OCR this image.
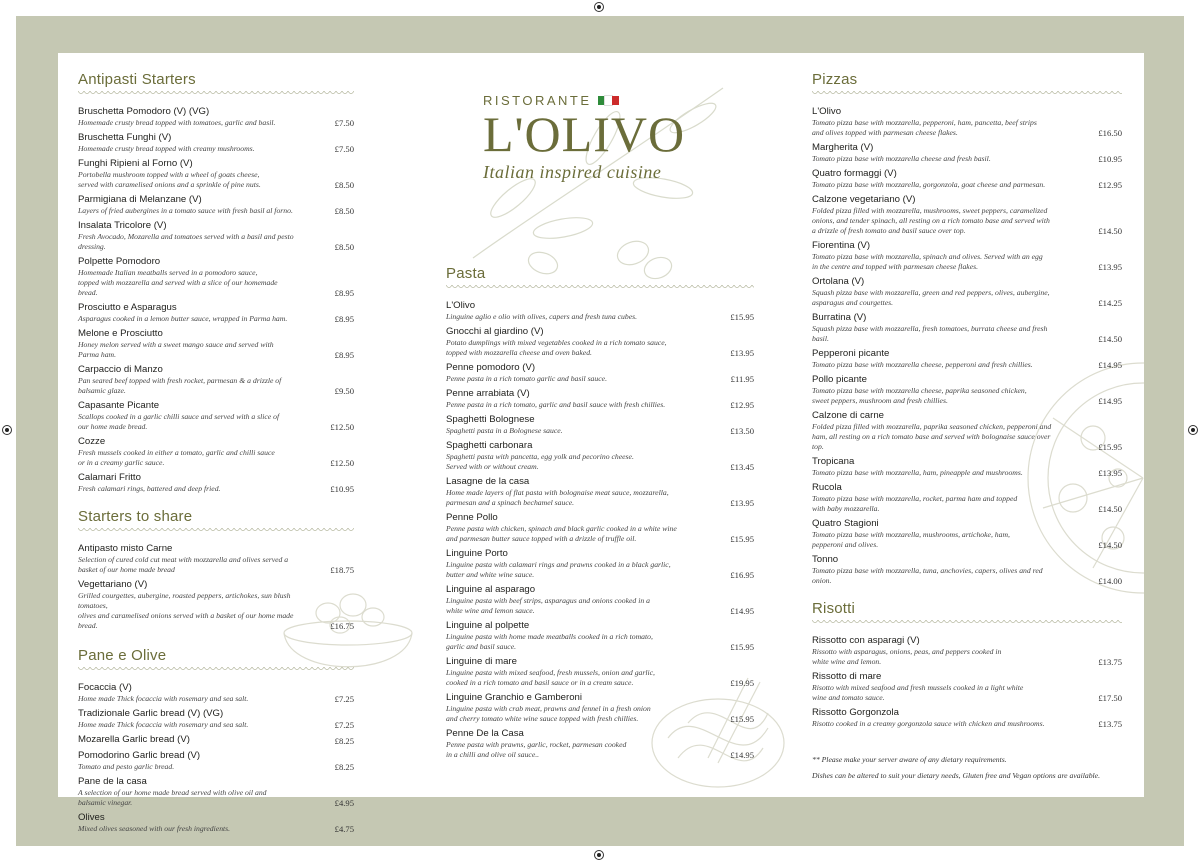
Antipasti Starters
Bruschetta Pomodoro (V) (VG)
Homemade crusty bread topped with tomatoes, garlic and basil.	£7.50
Bruschetta Funghi (V)
Homemade crusty bread topped with creamy mushrooms.	£7.50
Funghi Ripieni al Forno (V)
Portobella mushroom topped with a wheel of goats cheese,
served with caramelised onions and a sprinkle of pine nuts.	£8.50
Parmigiana di Melanzane (V)
Layers of fried aubergines in a tomato sauce with fresh basil al forno.	£8.50
Insalata Tricolore (V)
Fresh Avocado, Mozarella and tomatoes served with a basil and pesto dressing.	£8.50
Polpette Pomodoro
Homemade Italian meatballs served in a pomodoro sauce,
topped with mozzarella and served with a slice of our homemade bread.	£8.95
Prosciutto e Asparagus
Asparagus cooked in a lemon butter sauce, wrapped in Parma ham.	£8.95
Melone e Prosciutto
Honey melon served with a sweet mango sauce and served with Parma ham.	£8.95
Carpaccio di Manzo
Pan seared beef topped with fresh rocket, parmesan & a drizzle of balsamic glaze.	£9.50
Capasante Picante
Scallops cooked in a garlic chilli sauce and served with a slice of
our home made bread.	£12.50
Cozze
Fresh mussels cooked in either a tomato, garlic and chilli sauce
or in a creamy garlic sauce.	£12.50
Calamari Fritto
Fresh calamari rings, battered and deep fried.	£10.95
Starters to share
Antipasto misto Carne
Selection of cured cold cut meat with mozzarella and olives served a
basket of our home made bread	£18.75
Vegettariano (V)
Grilled courgettes, aubergine, roasted peppers, artichokes, sun blush tomatoes,
olives and caramelised onions served with a basket of our home made bread.	£16.75
Pane e Olive
Focaccia (V)
Home made Thick focaccia with rosemary and sea salt.	£7.25
Tradizionale Garlic bread (V) (VG)
Home made Thick focaccia with rosemary and sea salt.	£7.25
Mozarella Garlic bread (V)	£8.25
Pomodorino Garlic bread (V)
Tomato and pesto garlic bread.	£8.25
Pane de la casa
A selection of our home made bread served with olive oil and balsamic vinegar.	£4.95
Olives
Mixed olives seasoned with our fresh ingredients.	£4.75
RISTORANTE
L'OLIVO
Italian inspired cuisine
Pasta
L'Olivo
Linguine aglio e olio with olives, capers and fresh tuna cubes.	£15.95
Gnocchi al giardino (V)
Potato dumplings with mixed vegetables cooked in a rich tomato sauce,
topped with mozzarella cheese and oven baked.	£13.95
Penne pomodoro (V)
Penne pasta in a rich tomato garlic and basil sauce.	£11.95
Penne arrabiata (V)
Penne pasta in a rich tomato, garlic and basil sauce with fresh chillies.	£12.95
Spaghetti Bolognese
Spaghetti pasta in a Bolognese sauce.	£13.50
Spaghetti carbonara
Spaghetti pasta with pancetta, egg yolk and pecorino cheese.
Served with or without cream.	£13.45
Lasagne de la casa
Home made layers of flat pasta with bolognaise meat sauce, mozzarella,
parmesan and a spinach bechamel sauce.	£13.95
Penne Pollo
Penne pasta with chicken, spinach and black garlic cooked in a white wine
and parmesan butter sauce topped with a drizzle of truffle oil.	£15.95
Linguine Porto
Linguine pasta with calamari rings and prawns cooked in a black garlic,
butter and white wine sauce.	£16.95
Linguine al asparago
Linguine pasta with beef strips, asparagus and onions cooked in a
white wine and lemon sauce.	£14.95
Linguine al polpette
Linguine pasta with home made meatballs cooked in a rich tomato,
garlic and basil sauce.	£15.95
Linguine di mare
Linguine pasta with mixed seafood, fresh mussels, onion and garlic,
cooked in a rich tomato and basil sauce or in a cream sauce.	£19.95
Linguine Granchio e Gamberoni
Linguine pasta with crab meat, prawns and fennel in a fresh onion
and cherry tomato white wine sauce topped with fresh chillies.	£15.95
Penne De la Casa
Penne pasta with prawns, garlic, rocket, parmesan cooked
in a chilli and olive oil sauce..	£14.95
Pizzas
L'Olivo
Tomato pizza base with mozzarella, pepperoni, ham, pancetta, beef strips
and olives topped with parmesan cheese flakes.	£16.50
Margherita (V)
Tomato pizza base with mozzarella cheese and fresh basil.	£10.95
Quatro formaggi (V)
Tomato pizza base with mozzarella, gorgonzola, goat cheese and parmesan.	£12.95
Calzone vegetariano (V)
Folded pizza filled with mozzarella, mushrooms, sweet peppers, caramelized
onions, and tender spinach, all resting on a rich tomato base and served with
a drizzle of fresh tomato and basil sauce over top.	£14.50
Fiorentina (V)
Tomato pizza base with mozzarella, spinach and olives. Served with an egg
in the centre and topped with parmesan cheese flakes.	£13.95
Ortolana (V)
Squash pizza base with mozzarella, green and red peppers, olives, aubergine,
asparagus and courgettes.	£14.25
Burratina (V)
Squash pizza base with mozzarella, fresh tomatoes, burrata cheese and fresh basil.	£14.50
Pepperoni picante
Tomato pizza base with mozzarella cheese, pepperoni and fresh chillies.	£14.95
Pollo picante
Tomato pizza base with mozzarella cheese, paprika seasoned chicken,
sweet peppers, mushroom and fresh chillies.	£14.95
Calzone di carne
Folded pizza filled with mozzarella, paprika seasoned chicken, pepperoni and
ham, all resting on a rich tomato base and served with bolognaise sauce over top.	£15.95
Tropicana
Tomato pizza base with mozzarella, ham, pineapple and mushrooms.	£13.95
Rucola
Tomato pizza base with mozzarella, rocket, parma ham and topped
with baby mozzarella.	£14.50
Quatro Stagioni
Tomato pizza base with mozzarella, mushrooms, artichoke, ham,
pepperoni and olives.	£14.50
Tonno
Tomato pizza base with mozzarella, tuna, anchovies, capers, olives and red onion.	£14.00
Risotti
Rissotto con asparagi (V)
Rissotto with asparagus, onions, peas, and peppers cooked in
white wine and lemon.	£13.75
Rissotto di mare
Risotto with mixed seafood and fresh mussels cooked in a light white
wine and tomato sauce.	£17.50
Rissotto Gorgonzola
Risotto cooked in a creamy gorgonzola sauce with chicken and mushrooms.	£13.75
** Please make your server aware of any dietary requirements.
Dishes can be altered to suit your dietary needs, Gluten free and Vegan options are available.
